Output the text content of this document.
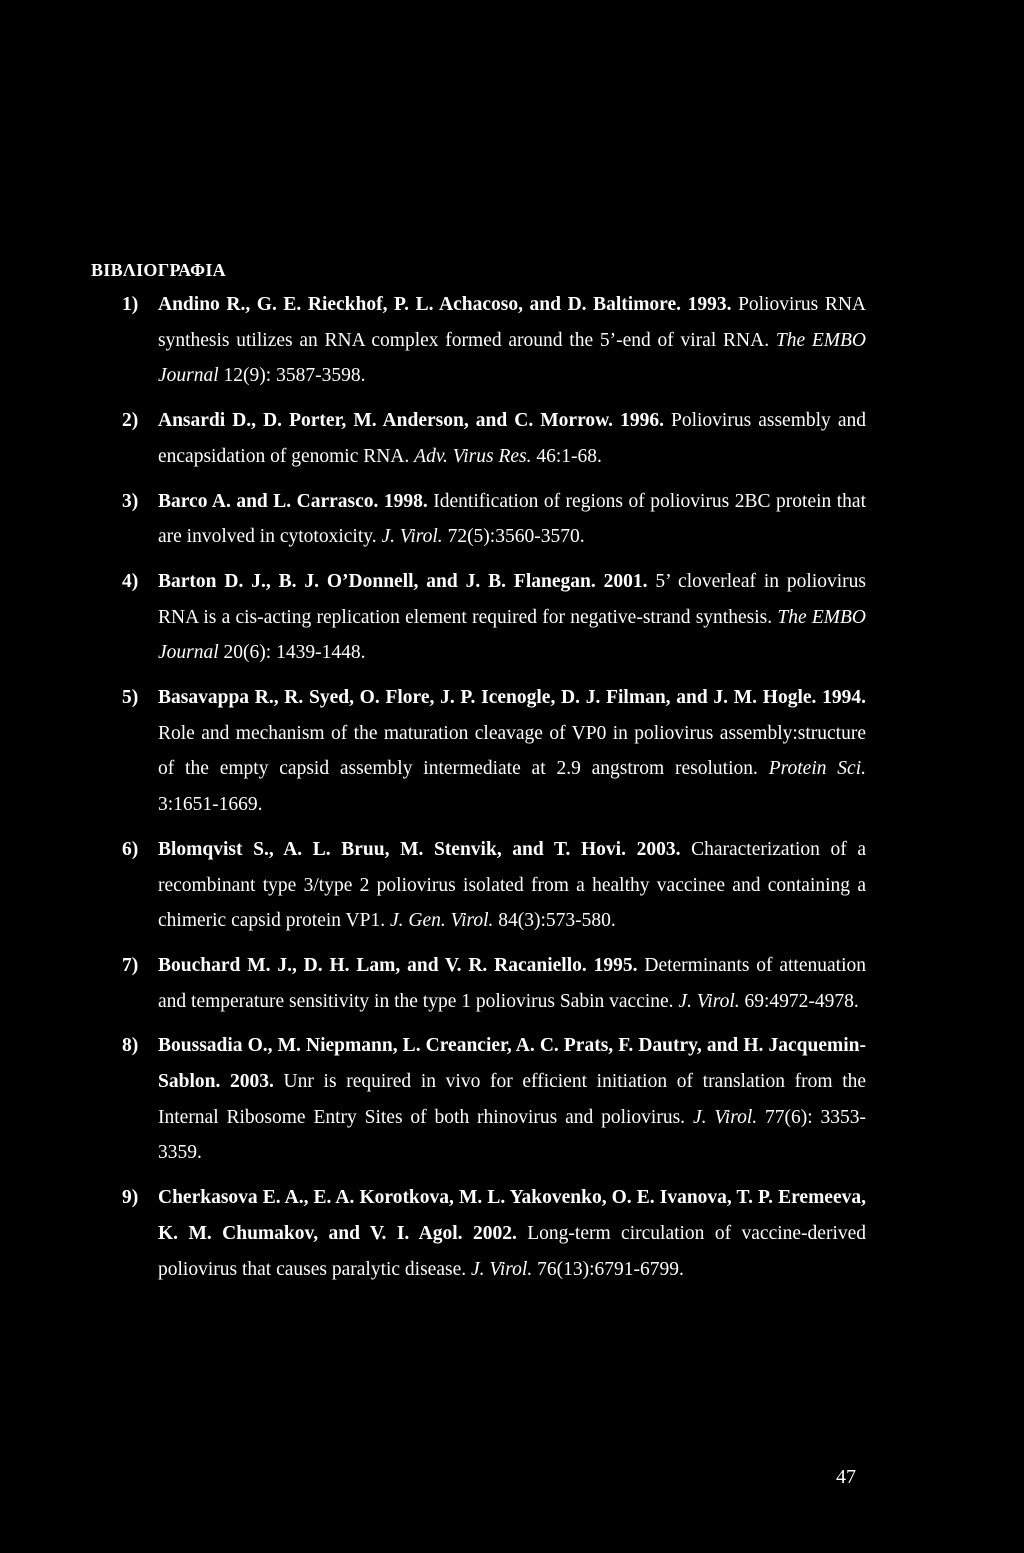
ΒΙΒΛΙΟΓΡΑΦΙΑ
1) Andino R., G. E. Rieckhof, P. L. Achacoso, and D. Baltimore. 1993. Poliovirus RNA synthesis utilizes an RNA complex formed around the 5’-end of viral RNA. The EMBO Journal 12(9): 3587-3598.
2) Ansardi D., D. Porter, M. Anderson, and C. Morrow. 1996. Poliovirus assembly and encapsidation of genomic RNA. Adv. Virus Res. 46:1-68.
3) Barco A. and L. Carrasco. 1998. Identification of regions of poliovirus 2BC protein that are involved in cytotoxicity. J. Virol. 72(5):3560-3570.
4) Barton D. J., B. J. O’Donnell, and J. B. Flanegan. 2001. 5’ cloverleaf in poliovirus RNA is a cis-acting replication element required for negative-strand synthesis. The EMBO Journal 20(6): 1439-1448.
5) Basavappa R., R. Syed, O. Flore, J. P. Icenogle, D. J. Filman, and J. M. Hogle. 1994. Role and mechanism of the maturation cleavage of VP0 in poliovirus assembly:structure of the empty capsid assembly intermediate at 2.9 angstrom resolution. Protein Sci. 3:1651-1669.
6) Blomqvist S., A. L. Bruu, M. Stenvik, and T. Hovi. 2003. Characterization of a recombinant type 3/type 2 poliovirus isolated from a healthy vaccinee and containing a chimeric capsid protein VP1. J. Gen. Virol. 84(3):573-580.
7) Bouchard M. J., D. H. Lam, and V. R. Racaniello. 1995. Determinants of attenuation and temperature sensitivity in the type 1 poliovirus Sabin vaccine. J. Virol. 69:4972-4978.
8) Boussadia O., M. Niepmann, L. Creancier, A. C. Prats, F. Dautry, and H. Jacquemin-Sablon. 2003. Unr is required in vivo for efficient initiation of translation from the Internal Ribosome Entry Sites of both rhinovirus and poliovirus. J. Virol. 77(6): 3353-3359.
9) Cherkasova E. A., E. A. Korotkova, M. L. Yakovenko, O. E. Ivanova, T. P. Eremeeva, K. M. Chumakov, and V. I. Agol. 2002. Long-term circulation of vaccine-derived poliovirus that causes paralytic disease. J. Virol. 76(13):6791-6799.
47
